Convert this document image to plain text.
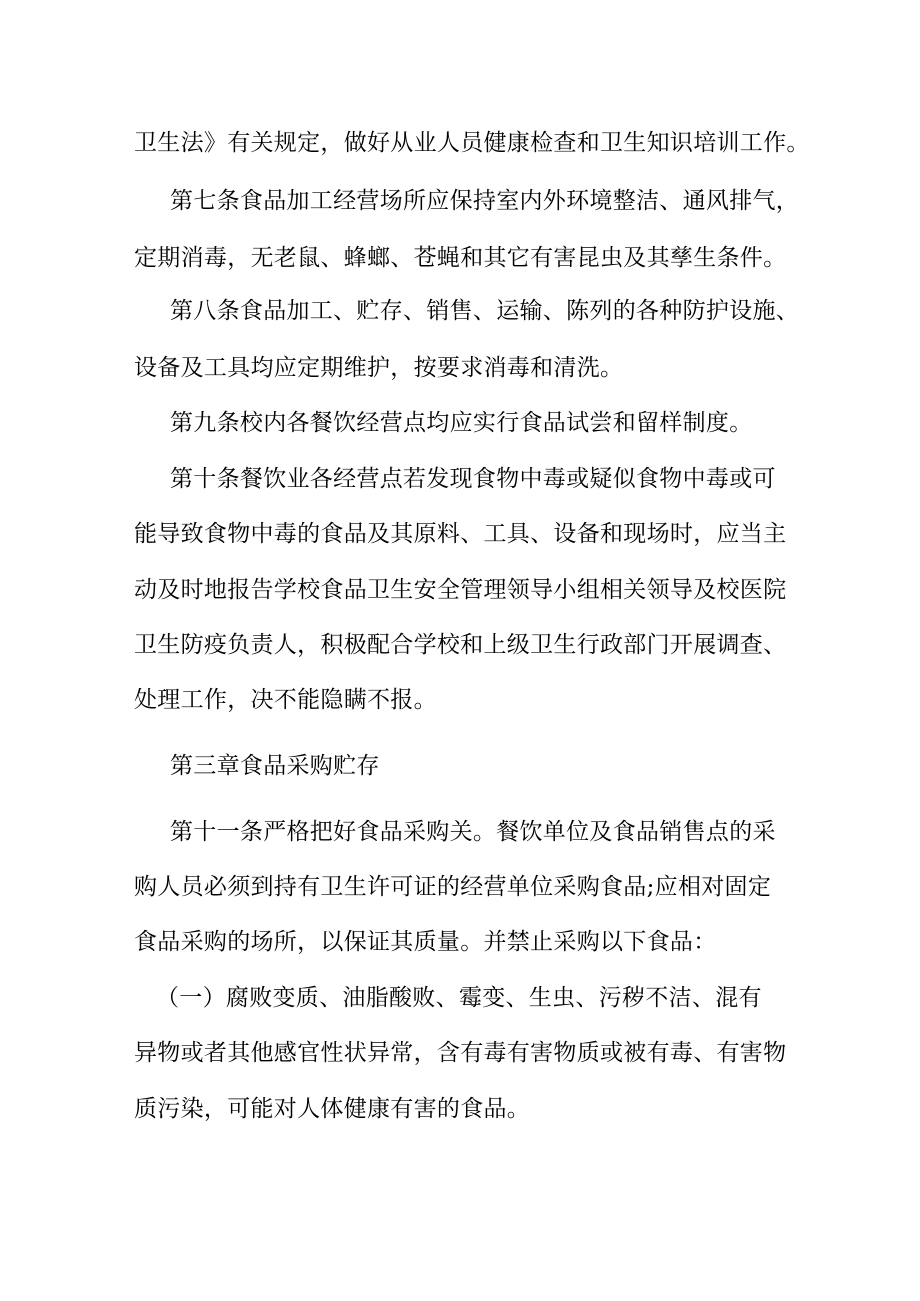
卫生法》有关规定，做好从业人员健康检查和卫生知识培训工作。
第七条食品加工经营场所应保持室内外环境整洁、通风排气，
定期消毒，无老鼠、蜂螂、苍蝇和其它有害昆虫及其孳生条件。
第八条食品加工、贮存、销售、运输、陈列的各种防护设施、
设备及工具均应定期维护，按要求消毒和清洗。
第九条校内各餐饮经营点均应实行食品试尝和留样制度。
第十条餐饮业各经营点若发现食物中毒或疑似食物中毒或可
能导致食物中毒的食品及其原料、工具、设备和现场时，应当主
动及时地报告学校食品卫生安全管理领导小组相关领导及校医院
卫生防疫负责人，积极配合学校和上级卫生行政部门开展调查、
处理工作，决不能隐瞒不报。
第三章食品采购贮存
第十一条严格把好食品采购关。餐饮单位及食品销售点的采
购人员必须到持有卫生许可证的经营单位采购食品;应相对固定
食品采购的场所，以保证其质量。并禁止采购以下食品：
（一）腐败变质、油脂酸败、霉变、生虫、污秽不洁、混有
异物或者其他感官性状异常，含有毒有害物质或被有毒、有害物
质污染，可能对人体健康有害的食品。
